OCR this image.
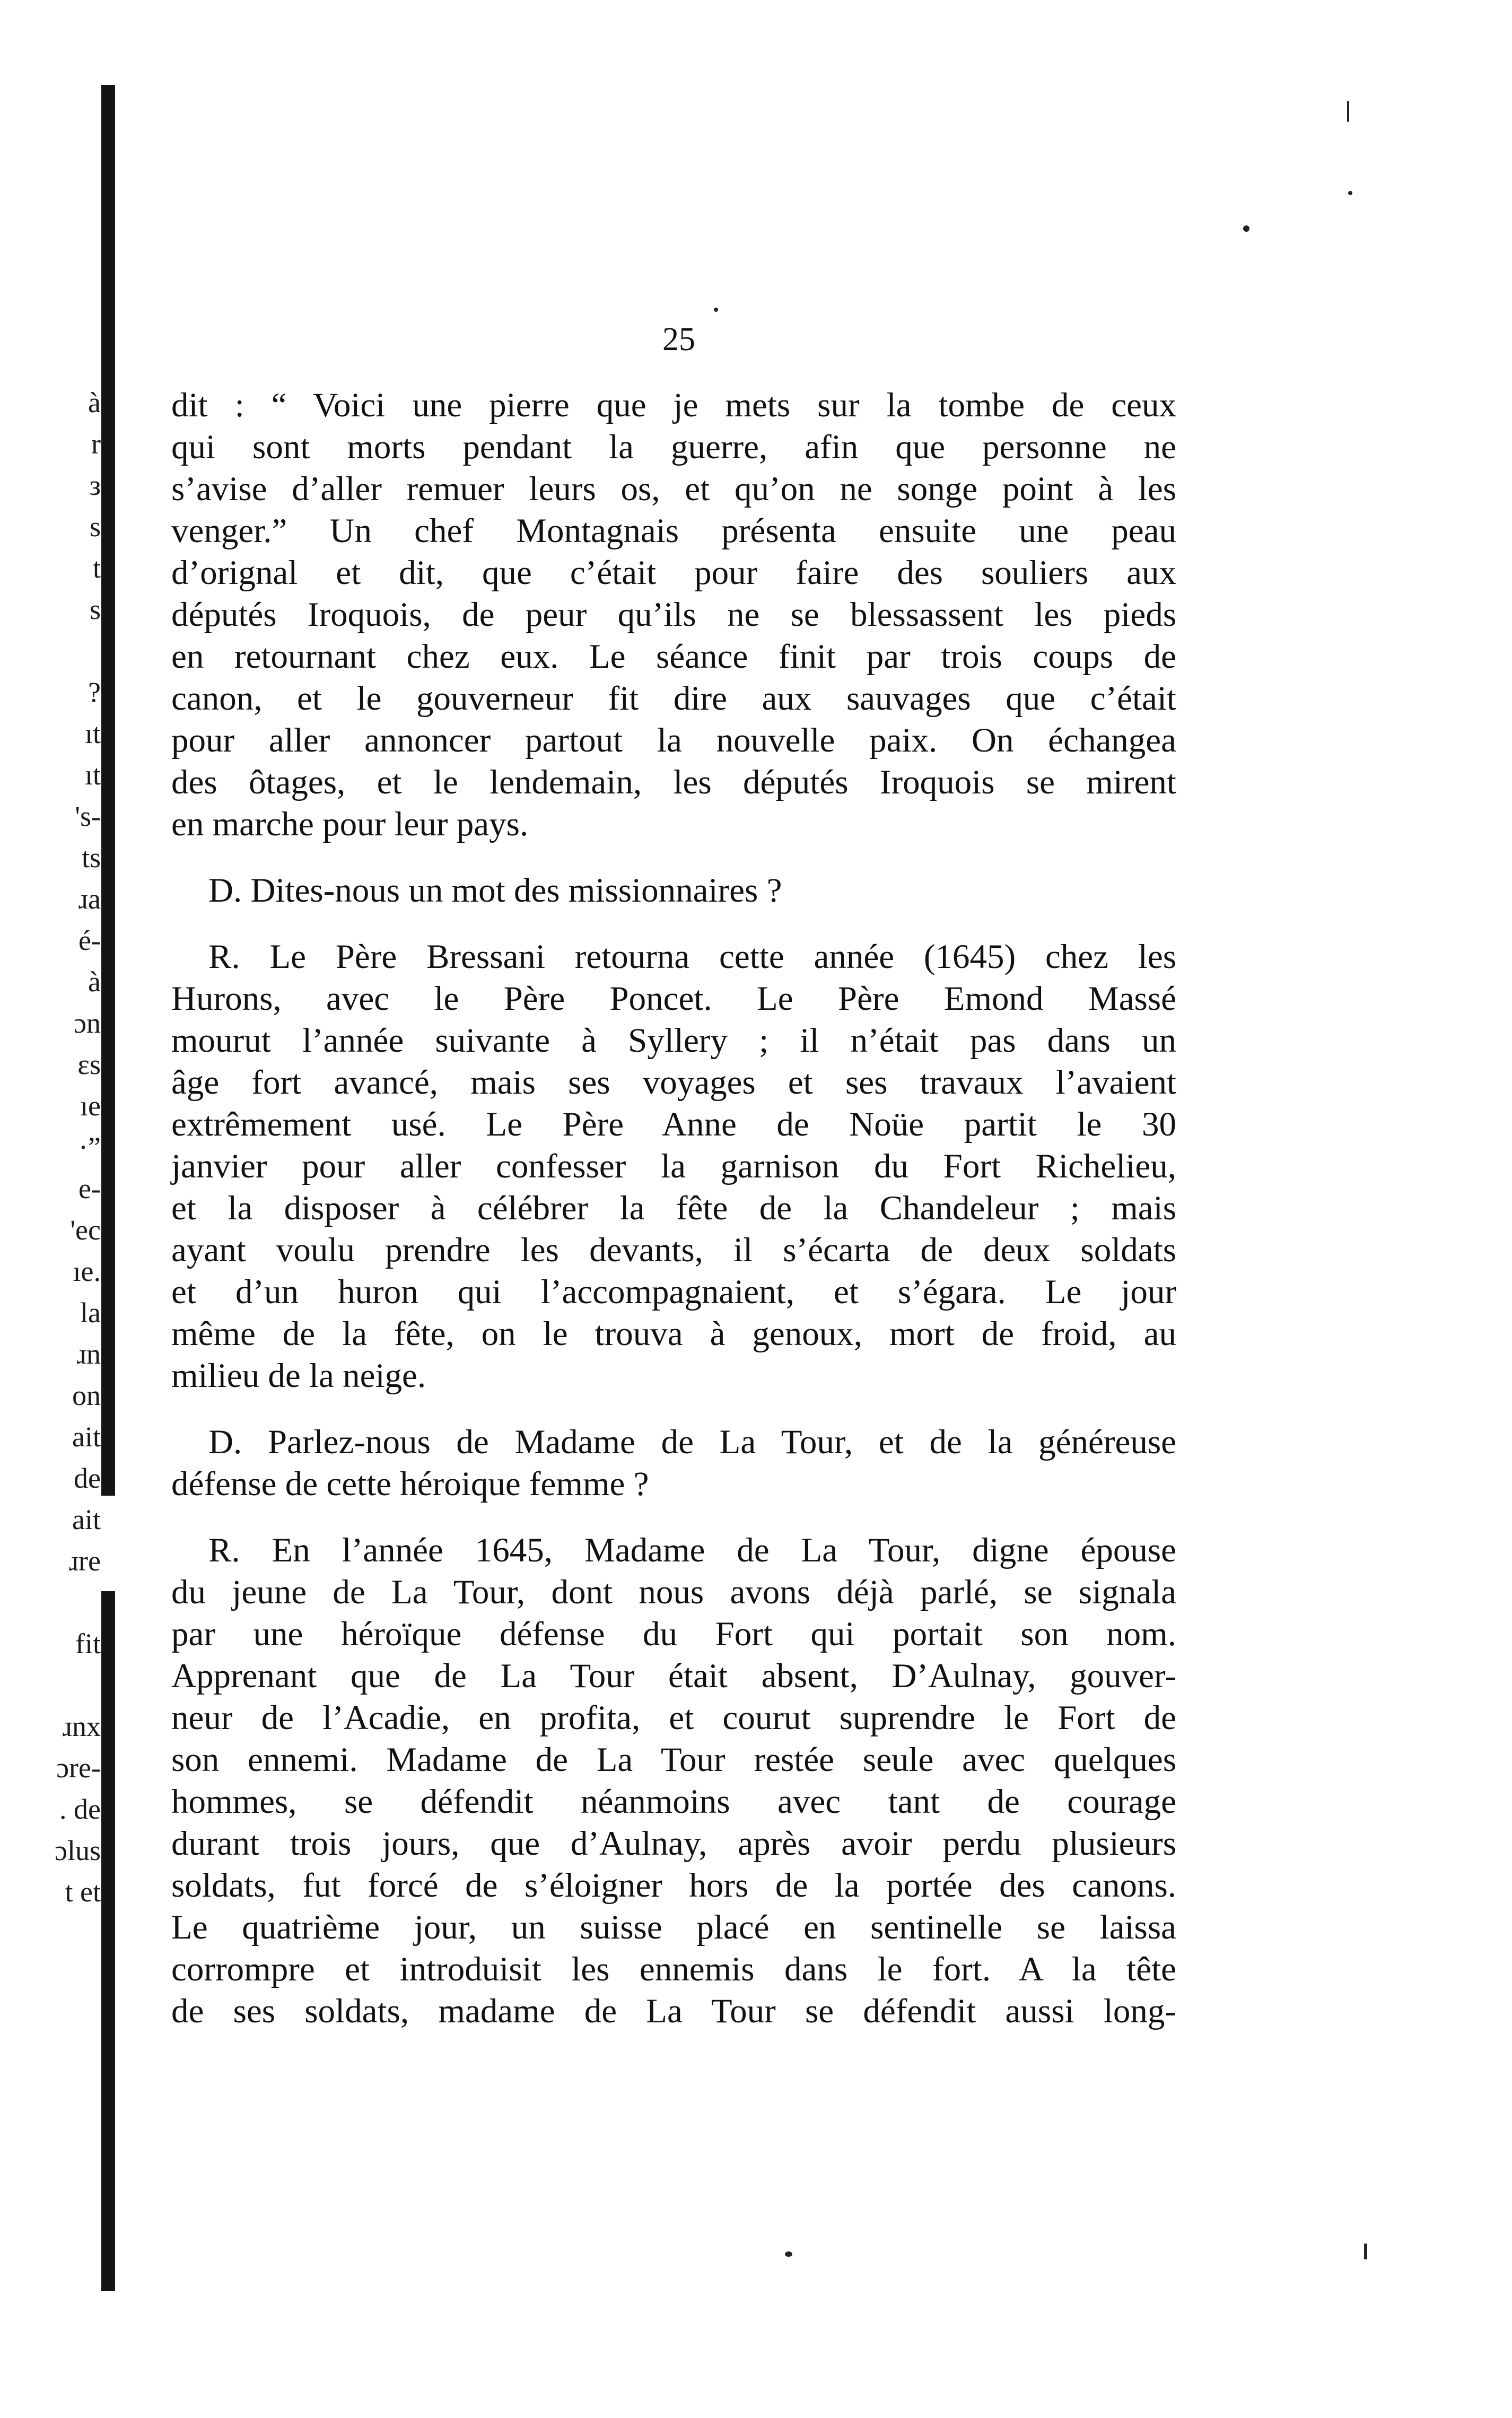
à
r
з
s
t
s
?
ıt
ıt
's-
ts
ɹa
é-
à
ɔn
ɛs
ıe
·”
e-
'ec
ıe.
la
ɹn
on
ait
de
ait
ɹre
fit
ɹnx
ɔre-
. de
ɔlus
t et
25
dit : “ Voici une pierre que je mets sur la tombe de ceux
qui sont morts pendant la guerre, afin que personne ne
s’avise d’aller remuer leurs os, et qu’on ne songe point à les
venger.” Un chef Montagnais présenta ensuite une peau
d’orignal et dit, que c’était pour faire des souliers aux
députés Iroquois, de peur qu’ils ne se blessassent les pieds
en retournant chez eux. Le séance finit par trois coups de
canon, et le gouverneur fit dire aux sauvages que c’était
pour aller annoncer partout la nouvelle paix. On échangea
des ôtages, et le lendemain, les députés Iroquois se mirent
en marche pour leur pays.
D. Dites-nous un mot des missionnaires ?
R. Le Père Bressani retourna cette année (1645) chez les
Hurons, avec le Père Poncet. Le Père Emond Massé
mourut l’année suivante à Syllery ; il n’était pas dans un
âge fort avancé, mais ses voyages et ses travaux l’avaient
extrêmement usé. Le Père Anne de Noüe partit le 30
janvier pour aller confesser la garnison du Fort Richelieu,
et la disposer à célébrer la fête de la Chandeleur ; mais
ayant voulu prendre les devants, il s’écarta de deux soldats
et d’un huron qui l’accompagnaient, et s’égara. Le jour
même de la fête, on le trouva à genoux, mort de froid, au
milieu de la neige.
D. Parlez-nous de Madame de La Tour, et de la généreuse
défense de cette héroique femme ?
R. En l’année 1645, Madame de La Tour, digne épouse
du jeune de La Tour, dont nous avons déjà parlé, se signala
par une héroïque défense du Fort qui portait son nom.
Apprenant que de La Tour était absent, D’Aulnay, gouver-
neur de l’Acadie, en profita, et courut suprendre le Fort de
son ennemi. Madame de La Tour restée seule avec quelques
hommes, se défendit néanmoins avec tant de courage
durant trois jours, que d’Aulnay, après avoir perdu plusieurs
soldats, fut forcé de s’éloigner hors de la portée des canons.
Le quatrième jour, un suisse placé en sentinelle se laissa
corrompre et introduisit les ennemis dans le fort. A la tête
de ses soldats, madame de La Tour se défendit aussi long-
